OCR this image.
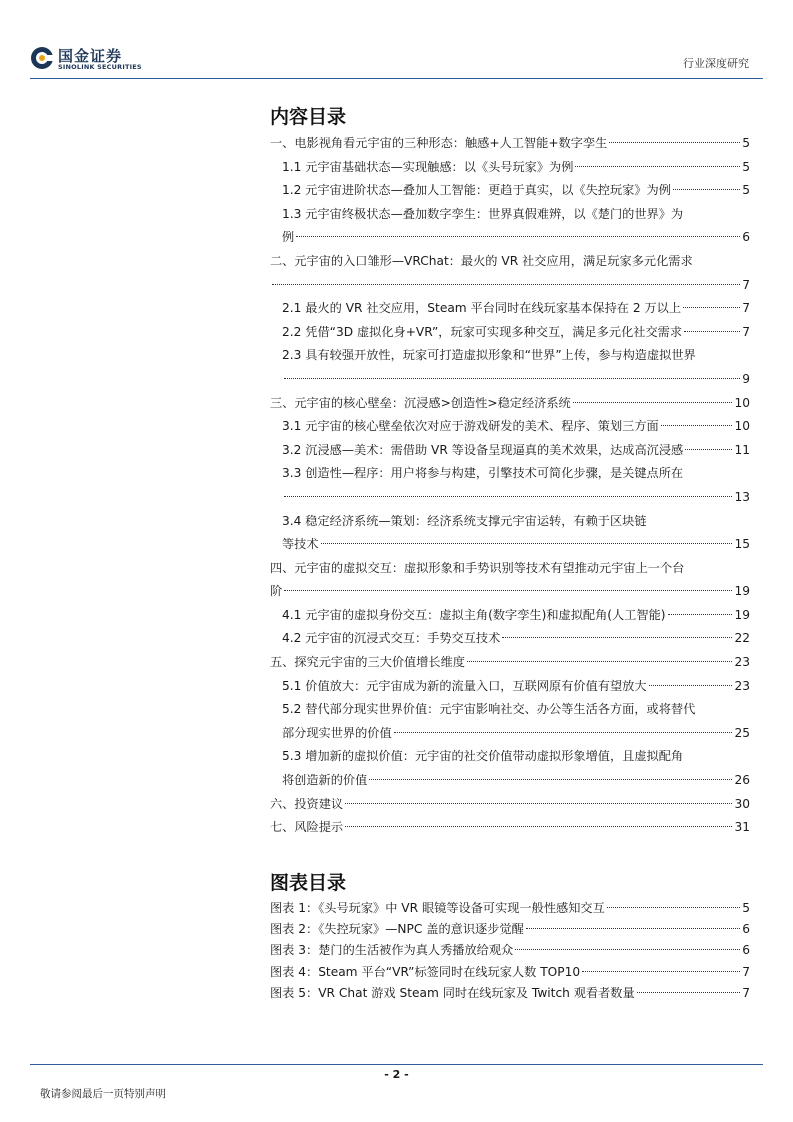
国金证券
SINOLINK SECURITIES	行业深度研究
内容目录
一、电影视角看元宇宙的三种形态：触感+人工智能+数字孪生	5
1.1 元宇宙基础状态—实现触感：以《头号玩家》为例	5
1.2 元宇宙进阶状态—叠加人工智能：更趋于真实，以《失控玩家》为例	5
1.3 元宇宙终极状态—叠加数字孪生：世界真假难辨，以《楚门的世界》为
例	6
二、元宇宙的入口雏形—VRChat：最火的 VR 社交应用，满足玩家多元化需求
7
2.1 最火的 VR 社交应用，Steam 平台同时在线玩家基本保持在 2 万以上	7
2.2 凭借“3D 虚拟化身+VR”，玩家可实现多种交互，满足多元化社交需求	7
2.3 具有较强开放性，玩家可打造虚拟形象和“世界”上传，参与构造虚拟世界
9
三、元宇宙的核心壁垒：沉浸感>创造性>稳定经济系统	10
3.1 元宇宙的核心壁垒依次对应于游戏研发的美术、程序、策划三方面	10
3.2 沉浸感—美术：需借助 VR 等设备呈现逼真的美术效果，达成高沉浸感	11
3.3 创造性—程序：用户将参与构建，引擎技术可简化步骤，是关键点所在
13
3.4 稳定经济系统—策划：经济系统支撑元宇宙运转，有赖于区块链
等技术	15
四、元宇宙的虚拟交互：虚拟形象和手势识别等技术有望推动元宇宙上一个台
阶	19
4.1 元宇宙的虚拟身份交互：虚拟主角(数字孪生)和虚拟配角(人工智能)	19
4.2 元宇宙的沉浸式交互：手势交互技术	22
五、探究元宇宙的三大价值增长维度	23
5.1 价值放大：元宇宙成为新的流量入口，互联网原有价值有望放大	23
5.2 替代部分现实世界价值：元宇宙影响社交、办公等生活各方面，或将替代
部分现实世界的价值	25
5.3 增加新的虚拟价值：元宇宙的社交价值带动虚拟形象增值，且虚拟配角
将创造新的价值	26
六、投资建议	30
七、风险提示	31
图表目录
图表 1：《头号玩家》中 VR 眼镜等设备可实现一般性感知交互	5
图表 2：《失控玩家》—NPC 盖的意识逐步觉醒	6
图表 3：楚门的生活被作为真人秀播放给观众	6
图表 4：Steam 平台“VR”标签同时在线玩家人数 TOP10	7
图表 5：VR Chat 游戏 Steam 同时在线玩家及 Twitch 观看者数量	7
- 2 -
敬请参阅最后一页特别声明
